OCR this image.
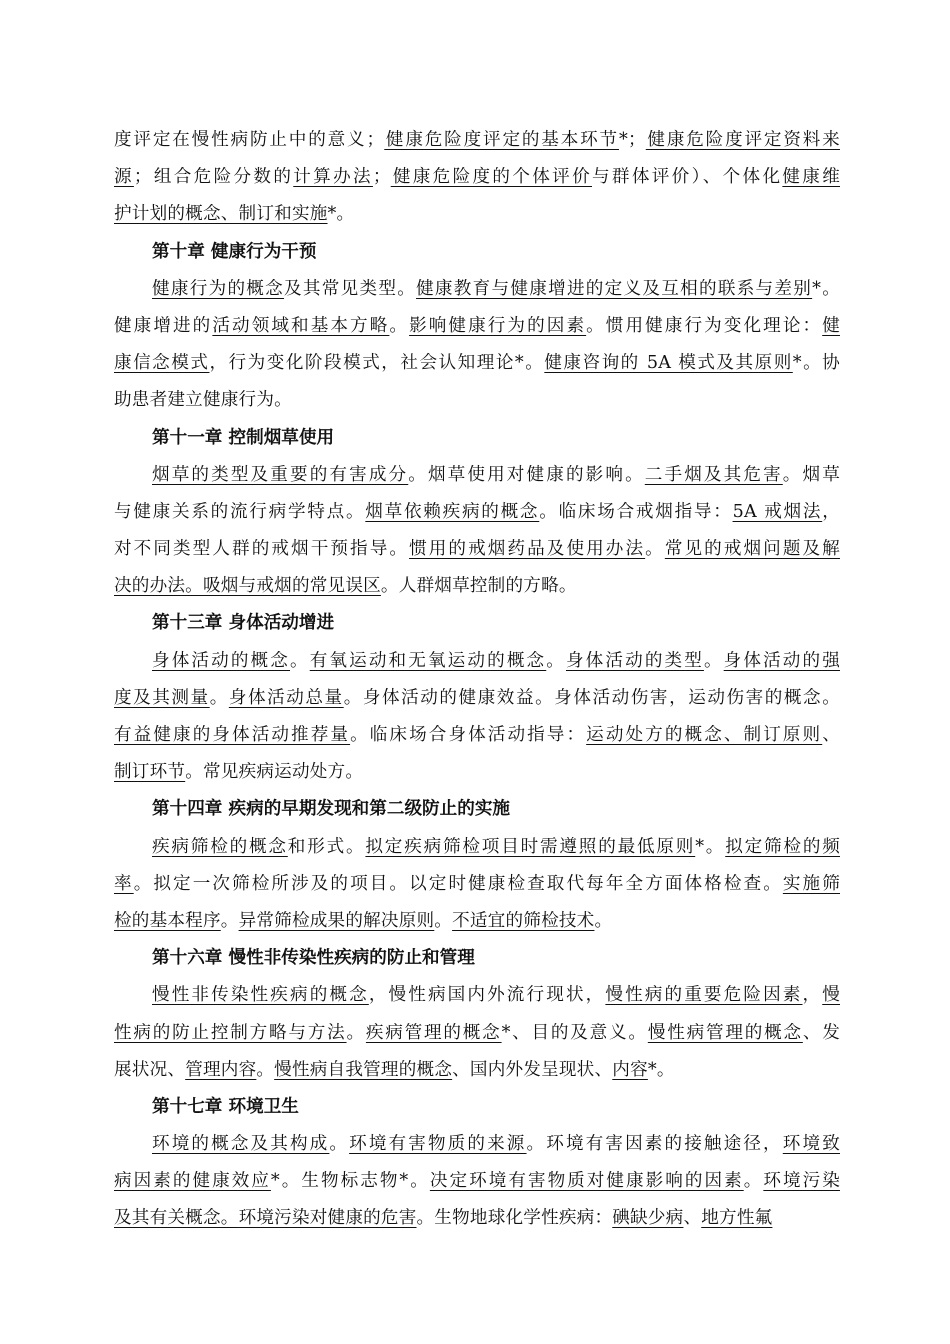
度评定在慢性病防止中的意义；健康危险度评定的基本环节*；健康危险度评定资料来
源；组合危险分数的计算办法；健康危险度的个体评价与群体评价）、个体化健康维
护计划的概念、制订和实施*。
第十章 健康行为干预
健康行为的概念及其常见类型。健康教育与健康增进的定义及互相的联系与差别*。
健康增进的活动领域和基本方略。影响健康行为的因素。惯用健康行为变化理论：健
康信念模式，行为变化阶段模式，社会认知理论*。健康咨询的 5A 模式及其原则*。协
助患者建立健康行为。
第十一章 控制烟草使用
烟草的类型及重要的有害成分。烟草使用对健康的影响。二手烟及其危害。烟草
与健康关系的流行病学特点。烟草依赖疾病的概念。临床场合戒烟指导：5A 戒烟法，
对不同类型人群的戒烟干预指导。惯用的戒烟药品及使用办法。常见的戒烟问题及解
决的办法。吸烟与戒烟的常见误区。人群烟草控制的方略。
第十三章 身体活动增进
身体活动的概念。有氧运动和无氧运动的概念。身体活动的类型。身体活动的强
度及其测量。身体活动总量。身体活动的健康效益。身体活动伤害，运动伤害的概念。
有益健康的身体活动推荐量。临床场合身体活动指导：运动处方的概念、制订原则、
制订环节。常见疾病运动处方。
第十四章 疾病的早期发现和第二级防止的实施
疾病筛检的概念和形式。拟定疾病筛检项目时需遵照的最低原则*。拟定筛检的频
率。拟定一次筛检所涉及的项目。以定时健康检查取代每年全方面体格检查。实施筛
检的基本程序。异常筛检成果的解决原则。不适宜的筛检技术。
第十六章 慢性非传染性疾病的防止和管理
慢性非传染性疾病的概念，慢性病国内外流行现状，慢性病的重要危险因素，慢
性病的防止控制方略与方法。疾病管理的概念*、目的及意义。慢性病管理的概念、发
展状况、管理内容。慢性病自我管理的概念、国内外发呈现状、内容*。
第十七章 环境卫生
环境的概念及其构成。环境有害物质的来源。环境有害因素的接触途径，环境致
病因素的健康效应*。生物标志物*。决定环境有害物质对健康影响的因素。环境污染
及其有关概念。环境污染对健康的危害。生物地球化学性疾病：碘缺少病、地方性氟
